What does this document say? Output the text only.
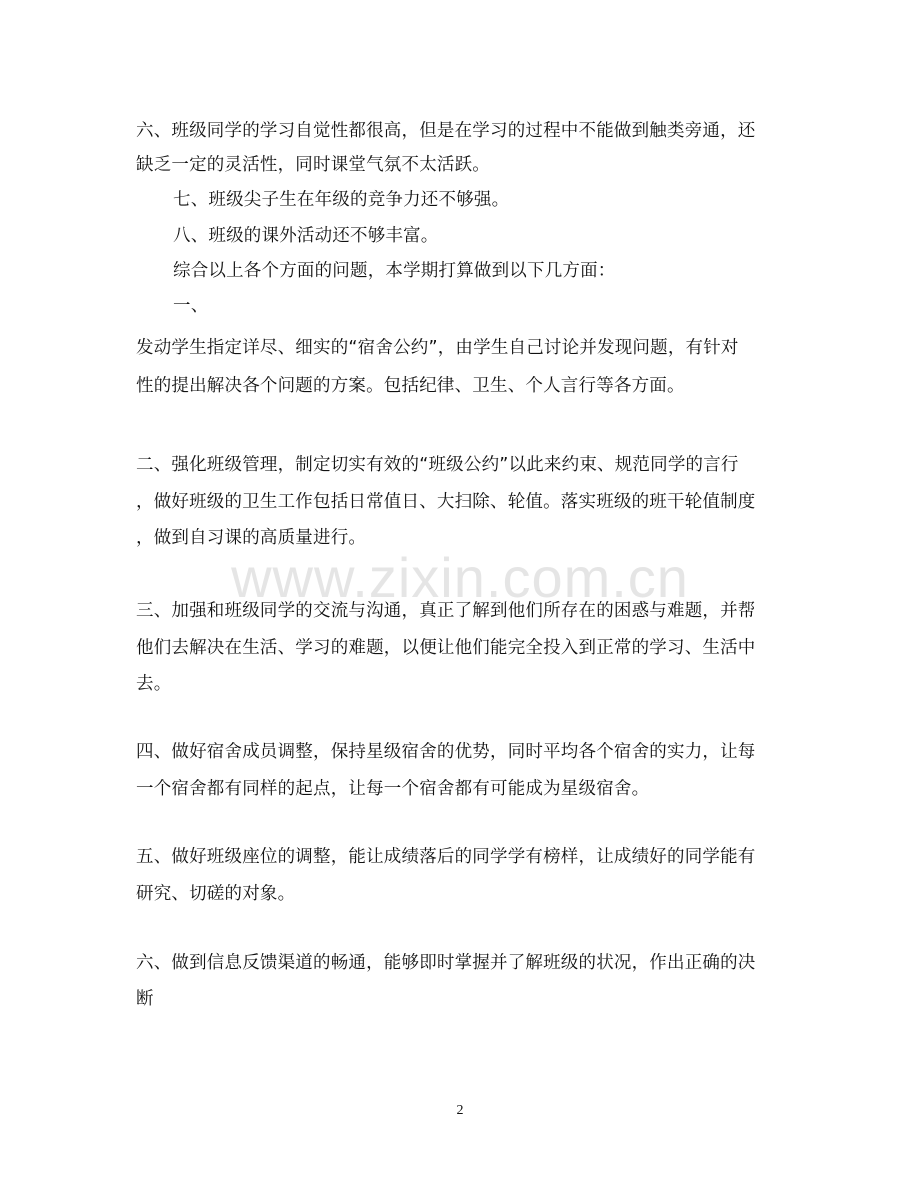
六、班级同学的学习自觉性都很高，但是在学习的过程中不能做到触类旁通，还
缺乏一定的灵活性，同时课堂气氛不太活跃。
七、班级尖子生在年级的竞争力还不够强。
八、班级的课外活动还不够丰富。
综合以上各个方面的问题，本学期打算做到以下几方面：
一、
发动学生指定详尽、细实的“宿舍公约”，由学生自己讨论并发现问题，有针对
性的提出解决各个问题的方案。包括纪律、卫生、个人言行等各方面。
二、强化班级管理，制定切实有效的“班级公约”以此来约束、规范同学的言行
，做好班级的卫生工作包括日常值日、大扫除、轮值。落实班级的班干轮值制度
，做到自习课的高质量进行。
三、加强和班级同学的交流与沟通，真正了解到他们所存在的困惑与难题，并帮
他们去解决在生活、学习的难题，以便让他们能完全投入到正常的学习、生活中
去。
四、做好宿舍成员调整，保持星级宿舍的优势，同时平均各个宿舍的实力，让每
一个宿舍都有同样的起点，让每一个宿舍都有可能成为星级宿舍。
五、做好班级座位的调整，能让成绩落后的同学学有榜样，让成绩好的同学能有
研究、切磋的对象。
六、做到信息反馈渠道的畅通，能够即时掌握并了解班级的状况，作出正确的决
断
www.zixin.com.cn
2
